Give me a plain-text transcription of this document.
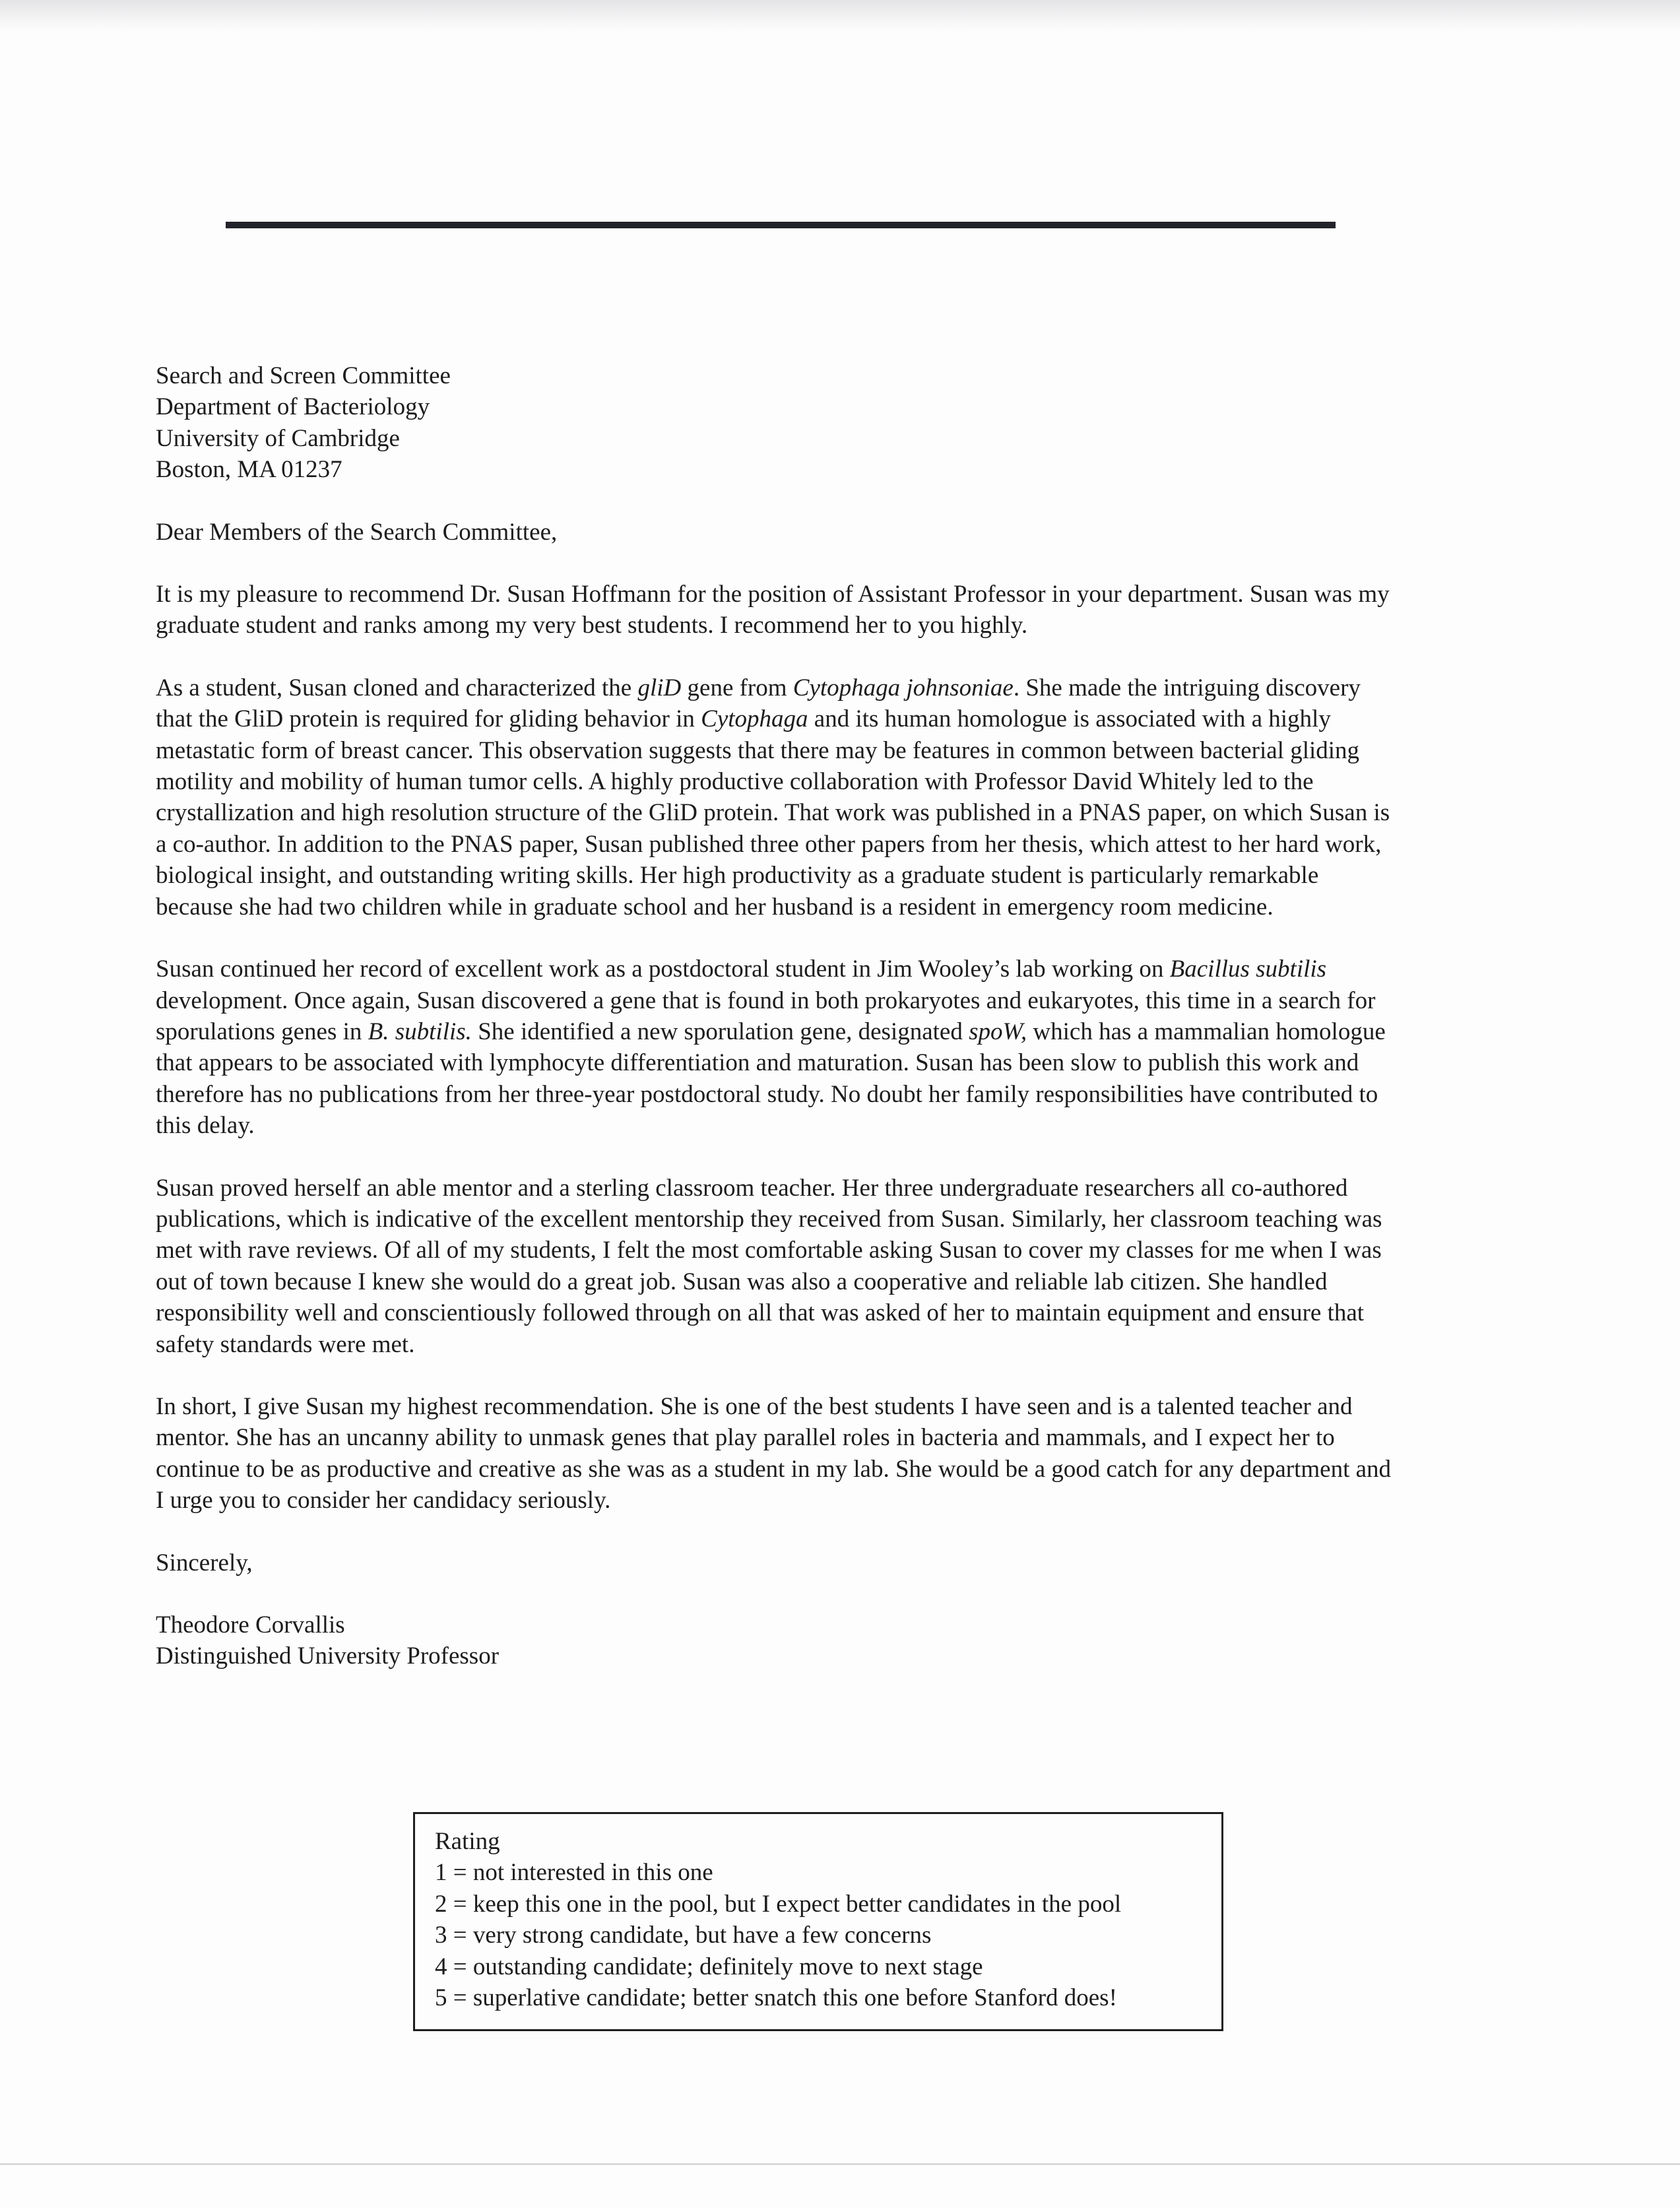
Search and Screen Committee
Department of Bacteriology
University of Cambridge
Boston, MA 01237
Dear Members of the Search Committee,
It is my pleasure to recommend Dr. Susan Hoffmann for the position of Assistant Professor in your department. Susan was my
graduate student and ranks among my very best students. I recommend her to you highly.
As a student, Susan cloned and characterized the gliD gene from Cytophaga johnsoniae. She made the intriguing discovery
that the GliD protein is required for gliding behavior in Cytophaga and its human homologue is associated with a highly
metastatic form of breast cancer. This observation suggests that there may be features in common between bacterial gliding
motility and mobility of human tumor cells. A highly productive collaboration with Professor David Whitely led to the
crystallization and high resolution structure of the GliD protein. That work was published in a PNAS paper, on which Susan is
a co-author. In addition to the PNAS paper, Susan published three other papers from her thesis, which attest to her hard work,
biological insight, and outstanding writing skills. Her high productivity as a graduate student is particularly remarkable
because she had two children while in graduate school and her husband is a resident in emergency room medicine.
Susan continued her record of excellent work as a postdoctoral student in Jim Wooley’s lab working on Bacillus subtilis
development. Once again, Susan discovered a gene that is found in both prokaryotes and eukaryotes, this time in a search for
sporulations genes in B. subtilis. She identified a new sporulation gene, designated spoW, which has a mammalian homologue
that appears to be associated with lymphocyte differentiation and maturation. Susan has been slow to publish this work and
therefore has no publications from her three-year postdoctoral study. No doubt her family responsibilities have contributed to
this delay.
Susan proved herself an able mentor and a sterling classroom teacher. Her three undergraduate researchers all co-authored
publications, which is indicative of the excellent mentorship they received from Susan. Similarly, her classroom teaching was
met with rave reviews. Of all of my students, I felt the most comfortable asking Susan to cover my classes for me when I was
out of town because I knew she would do a great job. Susan was also a cooperative and reliable lab citizen. She handled
responsibility well and conscientiously followed through on all that was asked of her to maintain equipment and ensure that
safety standards were met.
In short, I give Susan my highest recommendation. She is one of the best students I have seen and is a talented teacher and
mentor. She has an uncanny ability to unmask genes that play parallel roles in bacteria and mammals, and I expect her to
continue to be as productive and creative as she was as a student in my lab. She would be a good catch for any department and
I urge you to consider her candidacy seriously.
Sincerely,
Theodore Corvallis
Distinguished University Professor
Rating
1 = not interested in this one
2 = keep this one in the pool, but I expect better candidates in the pool
3 = very strong candidate, but have a few concerns
4 = outstanding candidate; definitely move to next stage
5 = superlative candidate; better snatch this one before Stanford does!
